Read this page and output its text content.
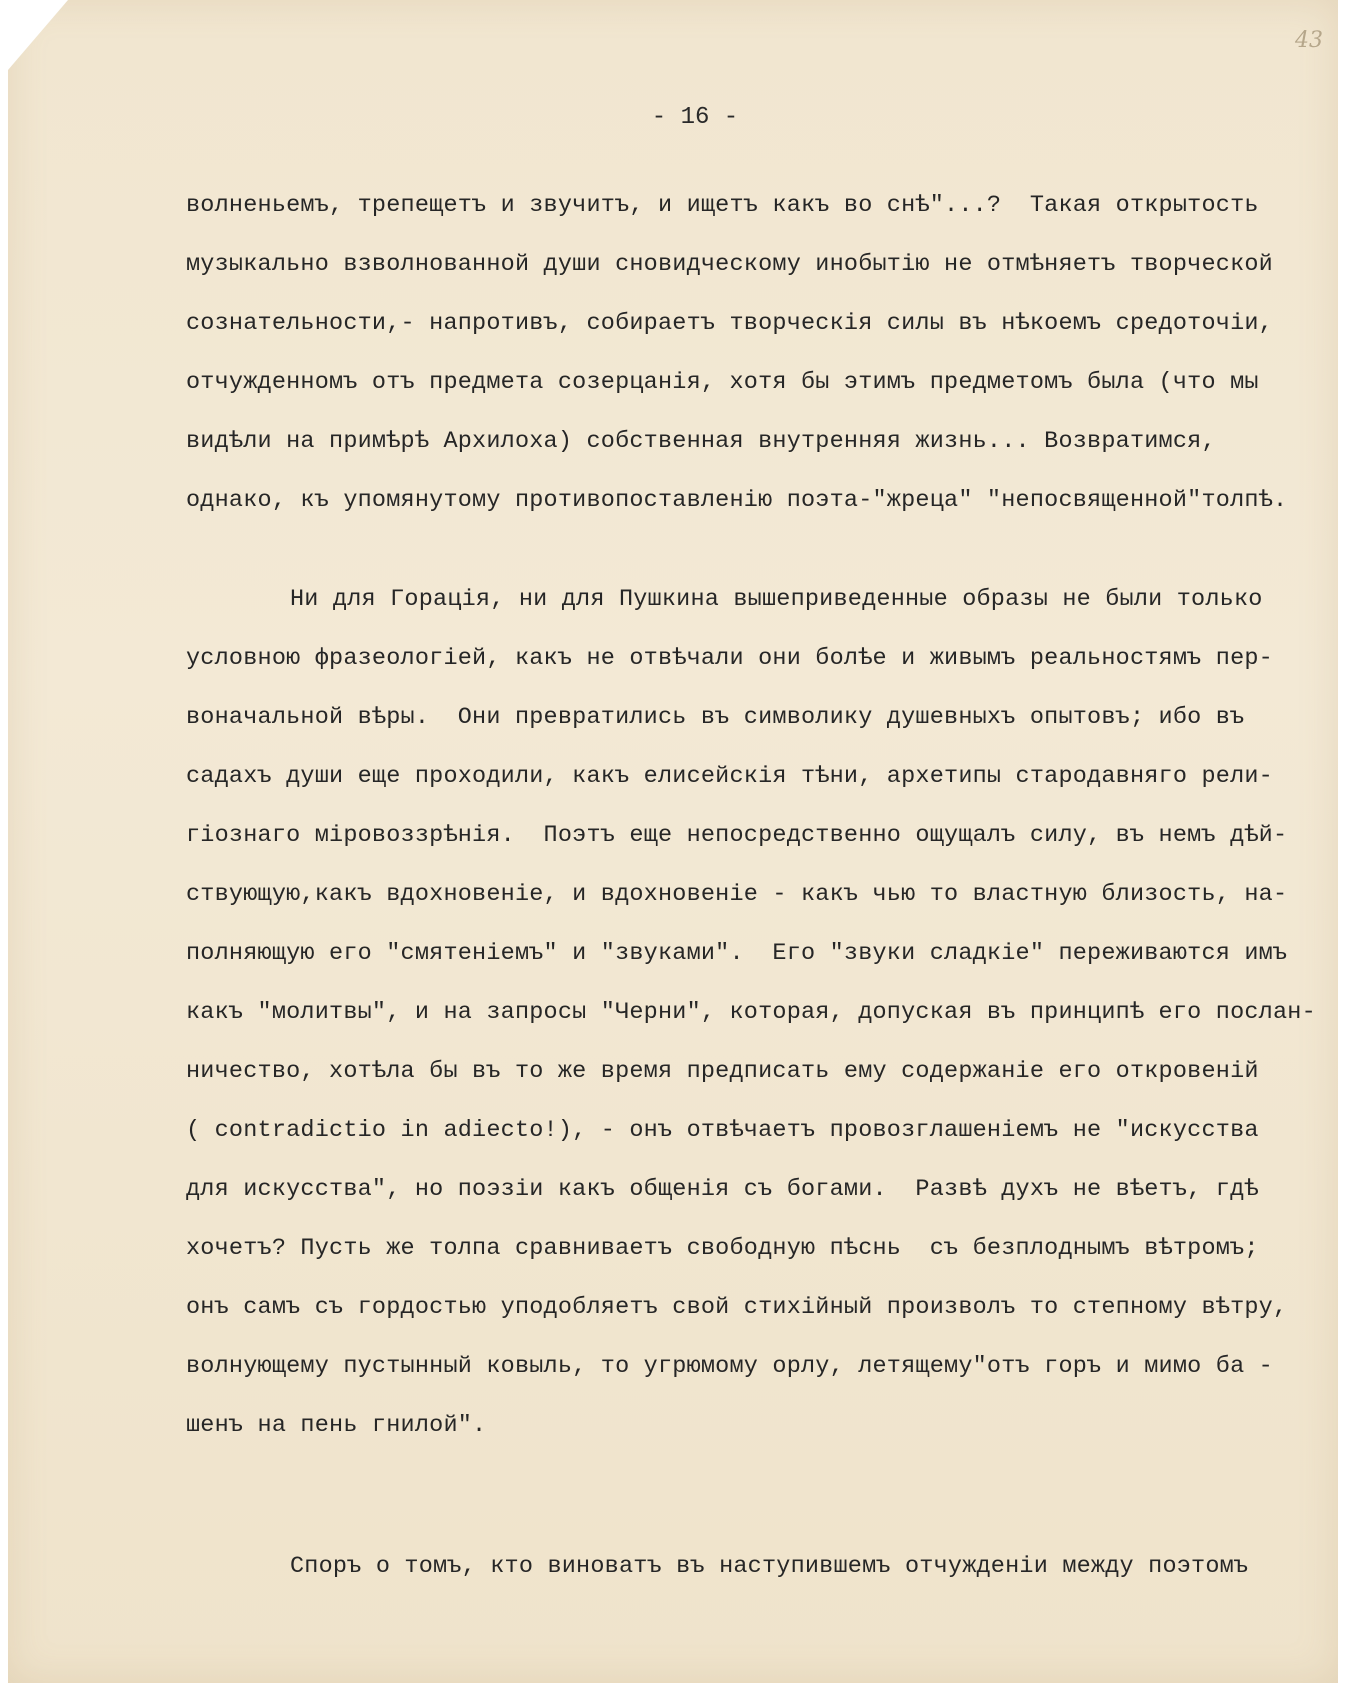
43
- 16 -
волненьемъ, трепещетъ и звучитъ, и ищетъ какъ во снѣ"...?  Такая открытость
музыкально взволнованной души сновидческому инобытію не отмѣняетъ творческой
сознательности,- напротивъ, собираетъ творческія силы въ нѣкоемъ средоточіи,
отчужденномъ отъ предмета созерцанія, хотя бы этимъ предметомъ была (что мы
видѣли на примѣрѣ Архилоха) собственная внутренняя жизнь... Возвратимся,
однако, къ упомянутому противопоставленію поэта-"жреца" "непосвященной"толпѣ.
Ни для Горація, ни для Пушкина вышеприведенные образы не были только
условною фразеологіей, какъ не отвѣчали они болѣе и живымъ реальностямъ пер-
воначальной вѣры.  Они превратились въ символику душевныхъ опытовъ; ибо въ
садахъ души еще проходили, какъ елисейскія тѣни, архетипы стародавняго рели-
гіознаго міровоззрѣнія.  Поэтъ еще непосредственно ощущалъ силу, въ немъ дѣй-
ствующую,какъ вдохновеніе, и вдохновеніе - какъ чью то властную близость, на-
полняющую его "смятеніемъ" и "звуками".  Его "звуки сладкіе" переживаются имъ
какъ "молитвы", и на запросы "Черни", которая, допуская въ принципѣ его послан-
ничество, хотѣла бы въ то же время предписать ему содержаніе его откровеній
( contradictio in adiecto!), - онъ отвѣчаетъ провозглашеніемъ не "искусства
для искусства", но поэзіи какъ общенія съ богами.  Развѣ духъ не вѣетъ, гдѣ
хочетъ? Пусть же толпа сравниваетъ свободную пѣснь  съ безплоднымъ вѣтромъ;
онъ самъ съ гордостью уподобляетъ свой стихійный произволъ то степному вѣтру,
волнующему пустынный ковыль, то угрюмому орлу, летящему"отъ горъ и мимо ба -
шенъ на пень гнилой".
Споръ о томъ, кто виноватъ въ наступившемъ отчужденіи между поэтомъ
